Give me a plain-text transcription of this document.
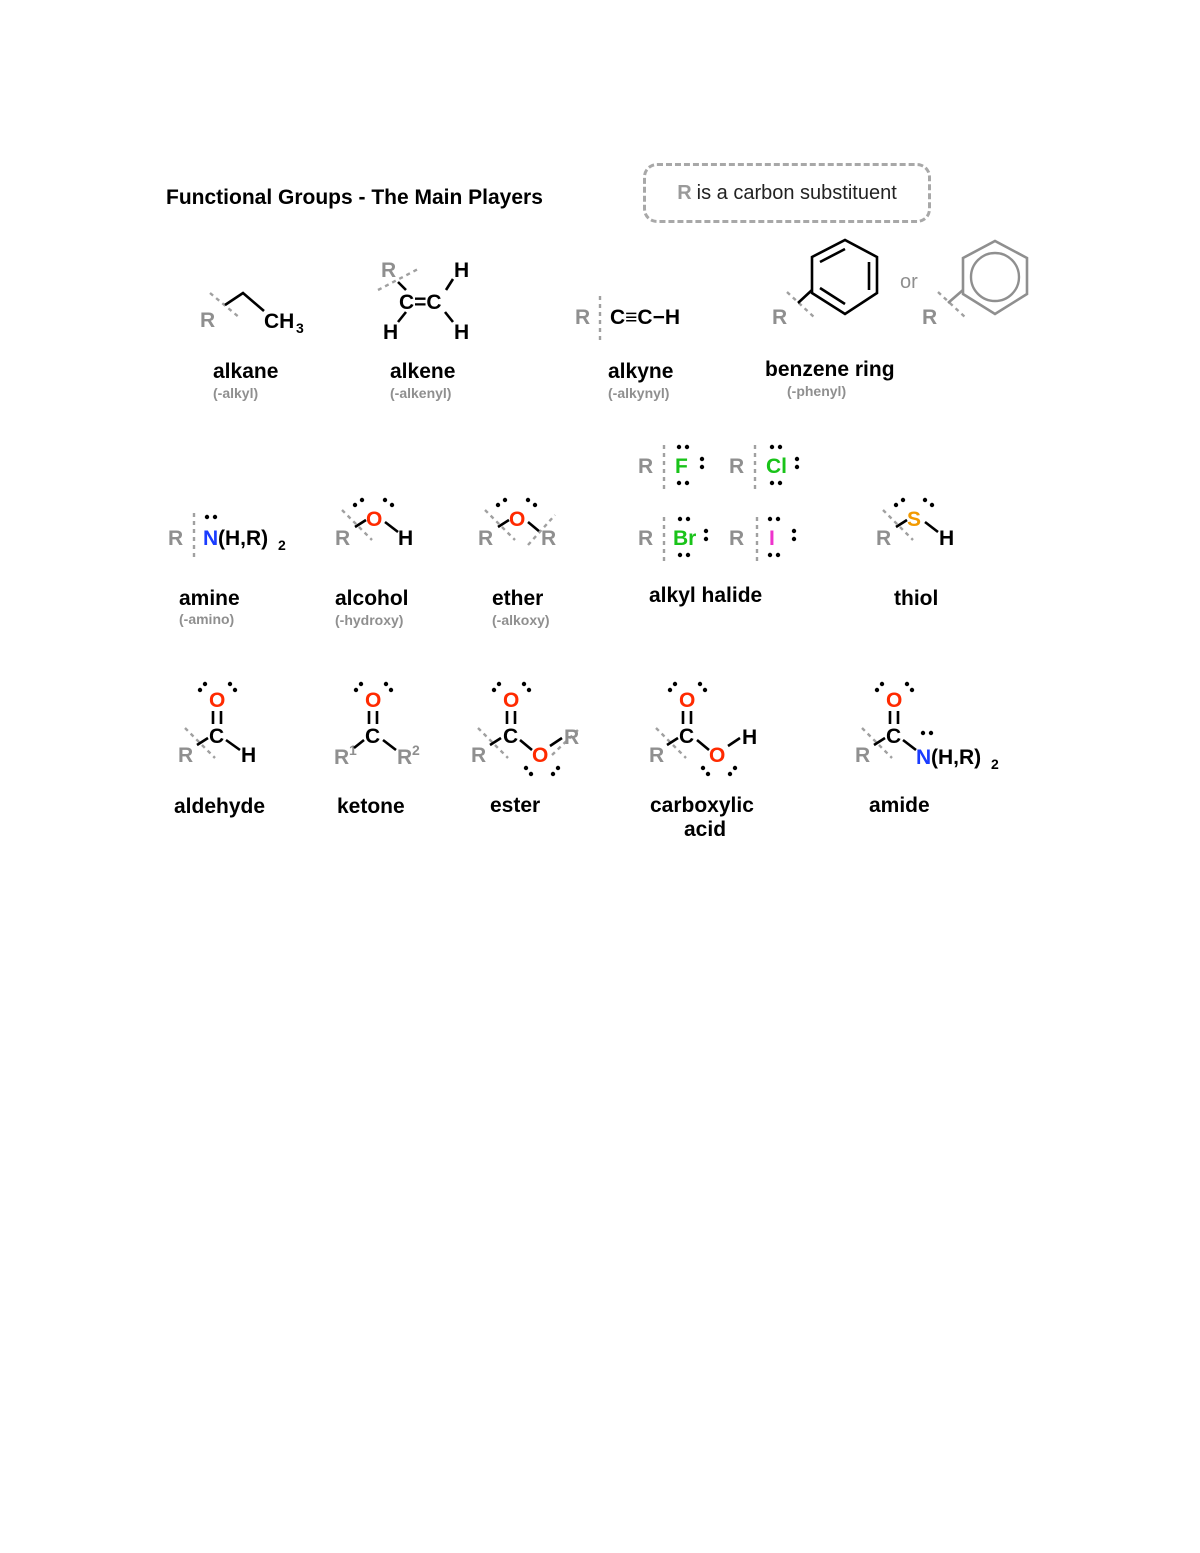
Functional Groups - The Main Players	R is a carbon substituent
R CH 3
R	H
C=C
H	H
R C≡C−H	R
or
R
R N (H,R) 2 R
O
H	R
O
R
R F R Cl
R Br R I	R
S
H
O
C
R H
O
C
R 1 R 2
O
C
R O
R
O
C
R O
H
O
C
R N (H,R) 2
alkane
(-alkyl)
alkene
(-alkenyl)
alkyne
(-alkynyl)
benzene ring
(-phenyl)
amine
(-amino)
alcohol
(-hydroxy)
ether
(-alkoxy)
alkyl halide	thiol
aldehyde	ketone	ester	carboxylic
acid
amide
